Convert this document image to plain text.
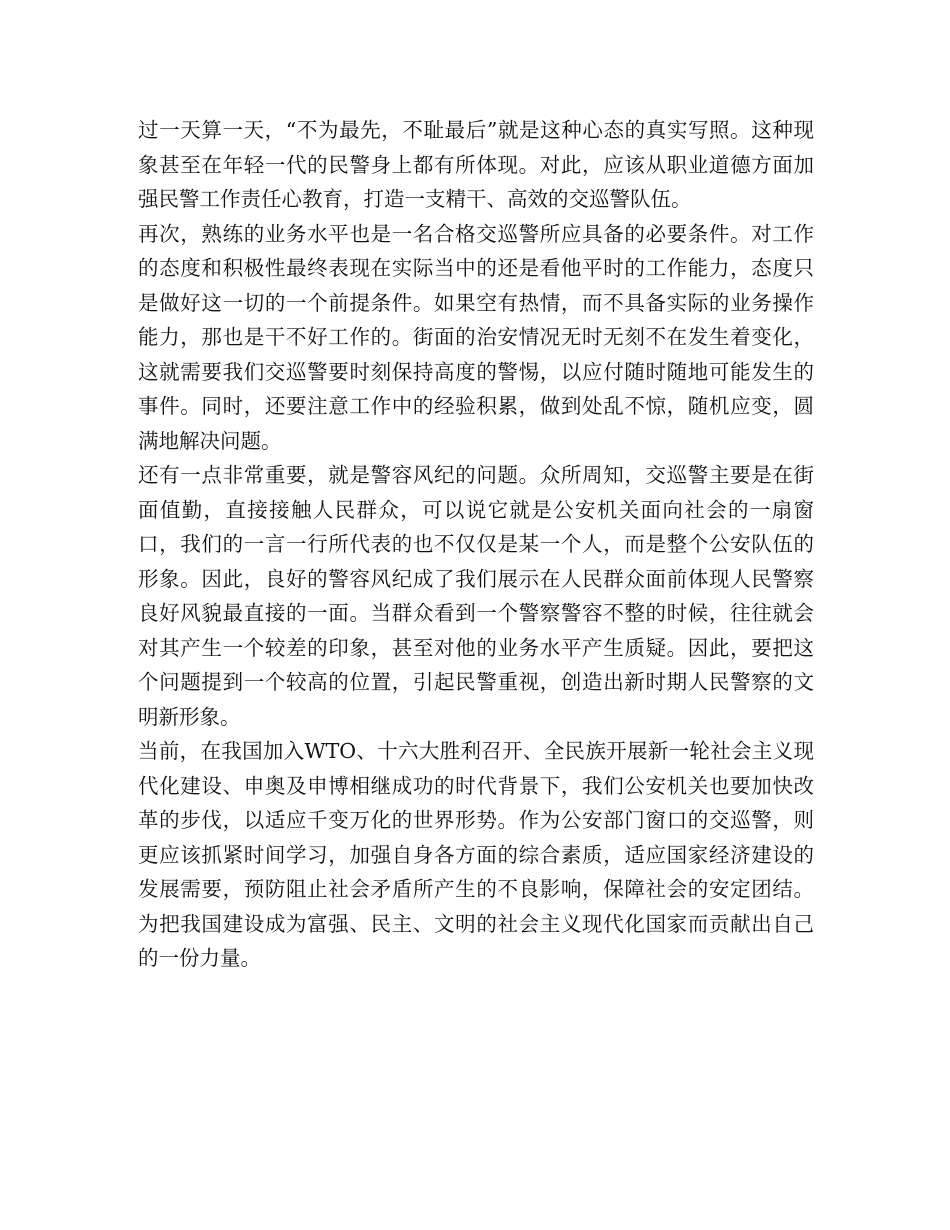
过一天算一天，“不为最先，不耻最后”就是这种心态的真实写照。这种现象甚至在年轻一代的民警身上都有所体现。对此，应该从职业道德方面加强民警工作责任心教育，打造一支精干、高效的交巡警队伍。

再次，熟练的业务水平也是一名合格交巡警所应具备的必要条件。对工作的态度和积极性最终表现在实际当中的还是看他平时的工作能力，态度只是做好这一切的一个前提条件。如果空有热情，而不具备实际的业务操作能力，那也是干不好工作的。街面的治安情况无时无刻不在发生着变化，这就需要我们交巡警要时刻保持高度的警惕，以应付随时随地可能发生的事件。同时，还要注意工作中的经验积累，做到处乱不惊，随机应变，圆满地解决问题。

还有一点非常重要，就是警容风纪的问题。众所周知，交巡警主要是在街面值勤，直接接触人民群众，可以说它就是公安机关面向社会的一扇窗口，我们的一言一行所代表的也不仅仅是某一个人，而是整个公安队伍的形象。因此，良好的警容风纪成了我们展示在人民群众面前体现人民警察良好风貌最直接的一面。当群众看到一个警察警容不整的时候，往往就会对其产生一个较差的印象，甚至对他的业务水平产生质疑。因此，要把这个问题提到一个较高的位置，引起民警重视，创造出新时期人民警察的文明新形象。

当前，在我国加入WTO、十六大胜利召开、全民族开展新一轮社会主义现代化建设、申奥及申博相继成功的时代背景下，我们公安机关也要加快改革的步伐，以适应千变万化的世界形势。作为公安部门窗口的交巡警，则更应该抓紧时间学习，加强自身各方面的综合素质，适应国家经济建设的发展需要，预防阻止社会矛盾所产生的不良影响，保障社会的安定团结。为把我国建设成为富强、民主、文明的社会主义现代化国家而贡献出自己的一份力量。
